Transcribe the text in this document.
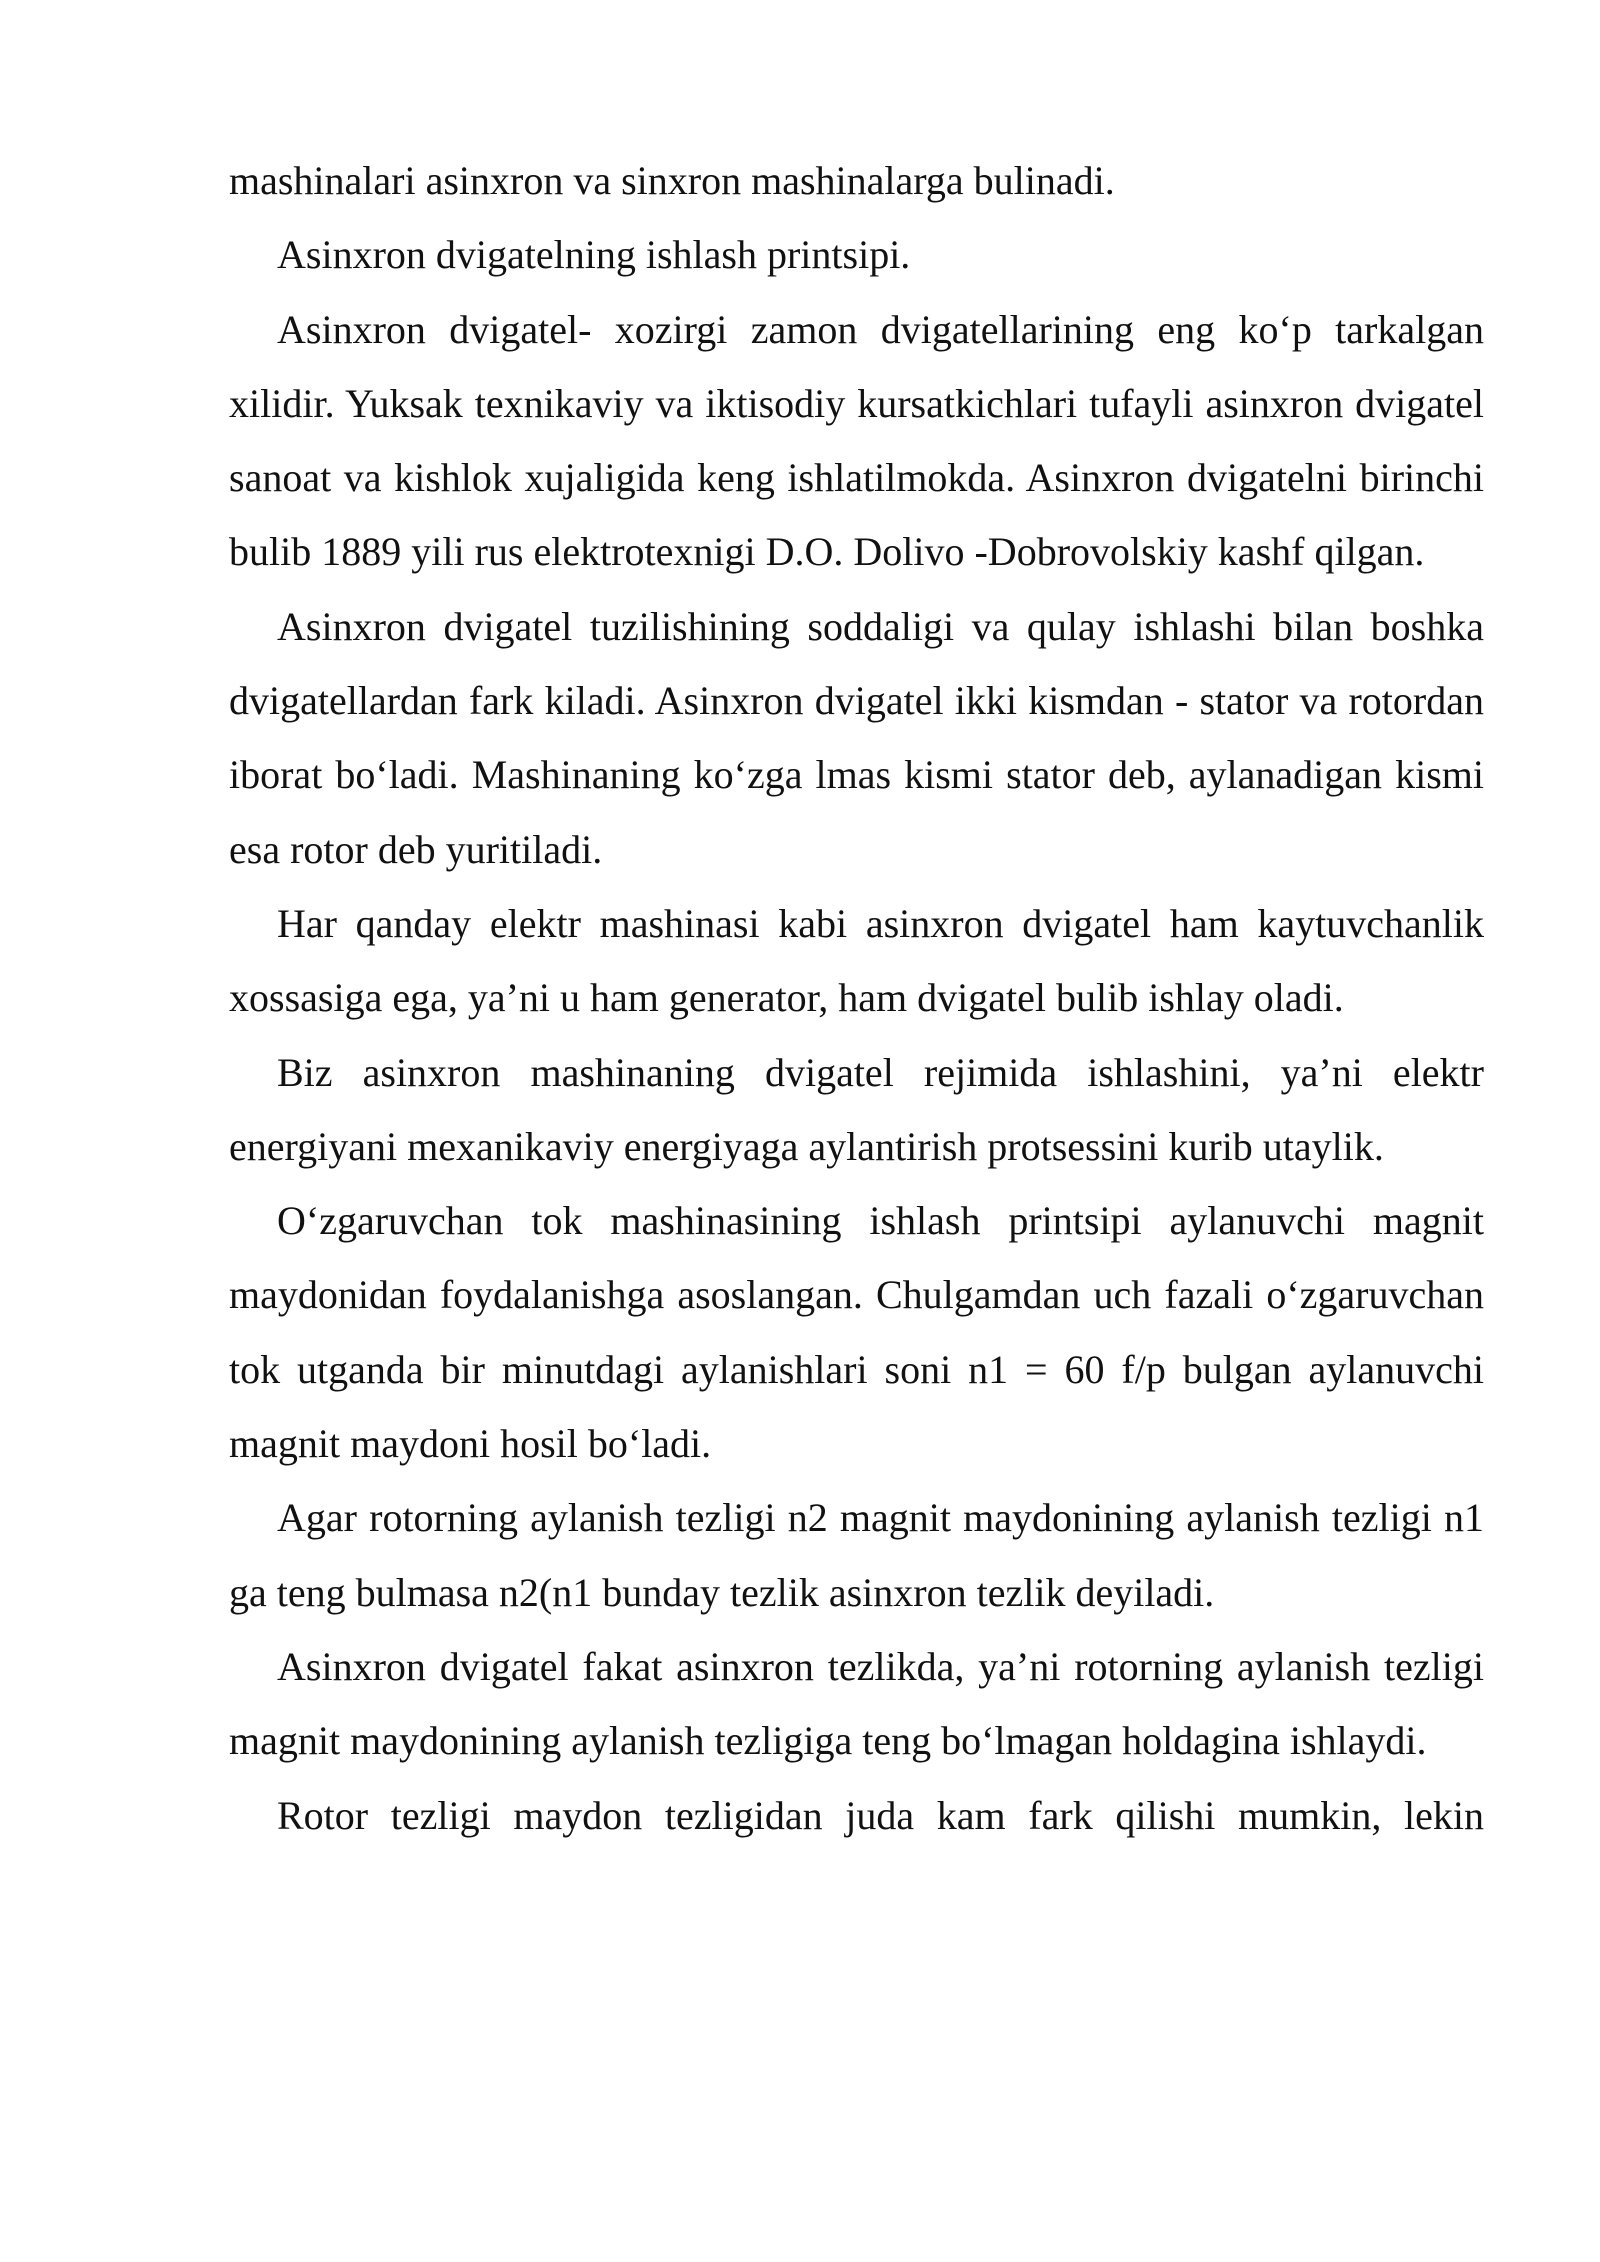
mashinalari asinxron va sinxron mashinalarga bulinadi.

Asinxron dvigatelning ishlash printsipi.

Asinxron dvigatel- xozirgi zamon dvigatellarining eng ko‘p tarkalgan xilidir. Yuksak texnikaviy va iktisodiy kursatkichlari tufayli asinxron dvigatel sanoat va kishlok xujaligida keng ishlatilmokda. Asinxron dvigatelni birinchi bulib 1889 yili rus elektrotexnigi D.O. Dolivo -Dobrovolskiy kashf qilgan.

Asinxron dvigatel tuzilishining soddaligi va qulay ishlashi bilan boshka dvigatellardan fark kiladi. Asinxron dvigatel ikki kismdan - stator va rotordan iborat bo‘ladi. Mashinaning ko‘zga lmas kismi stator deb, aylanadigan kismi esa rotor deb yuritiladi.

Har qanday elektr mashinasi kabi asinxron dvigatel ham kaytuvchanlik xossasiga ega, ya’ni u ham generator, ham dvigatel bulib ishlay oladi.

Biz asinxron mashinaning dvigatel rejimida ishlashini, ya’ni elektr energiyani mexanikaviy energiyaga aylantirish protsessini kurib utaylik.

O‘zgaruvchan tok mashinasining ishlash printsipi aylanuvchi magnit maydonidan foydalanishga asoslangan. Chulgamdan uch fazali o‘zgaruvchan tok utganda bir minutdagi aylanishlari soni n1 = 60 f/p bulgan aylanuvchi magnit maydoni hosil bo‘ladi.

Agar rotorning aylanish tezligi n2 magnit maydonining aylanish tezligi n1 ga teng bulmasa n2(n1 bunday tezlik asinxron tezlik deyiladi.

Asinxron dvigatel fakat asinxron tezlikda, ya’ni rotorning aylanish tezligi magnit maydonining aylanish tezligiga teng bo‘lmagan holdagina ishlaydi.

Rotor tezligi maydon tezligidan juda kam fark qilishi mumkin, lekin
